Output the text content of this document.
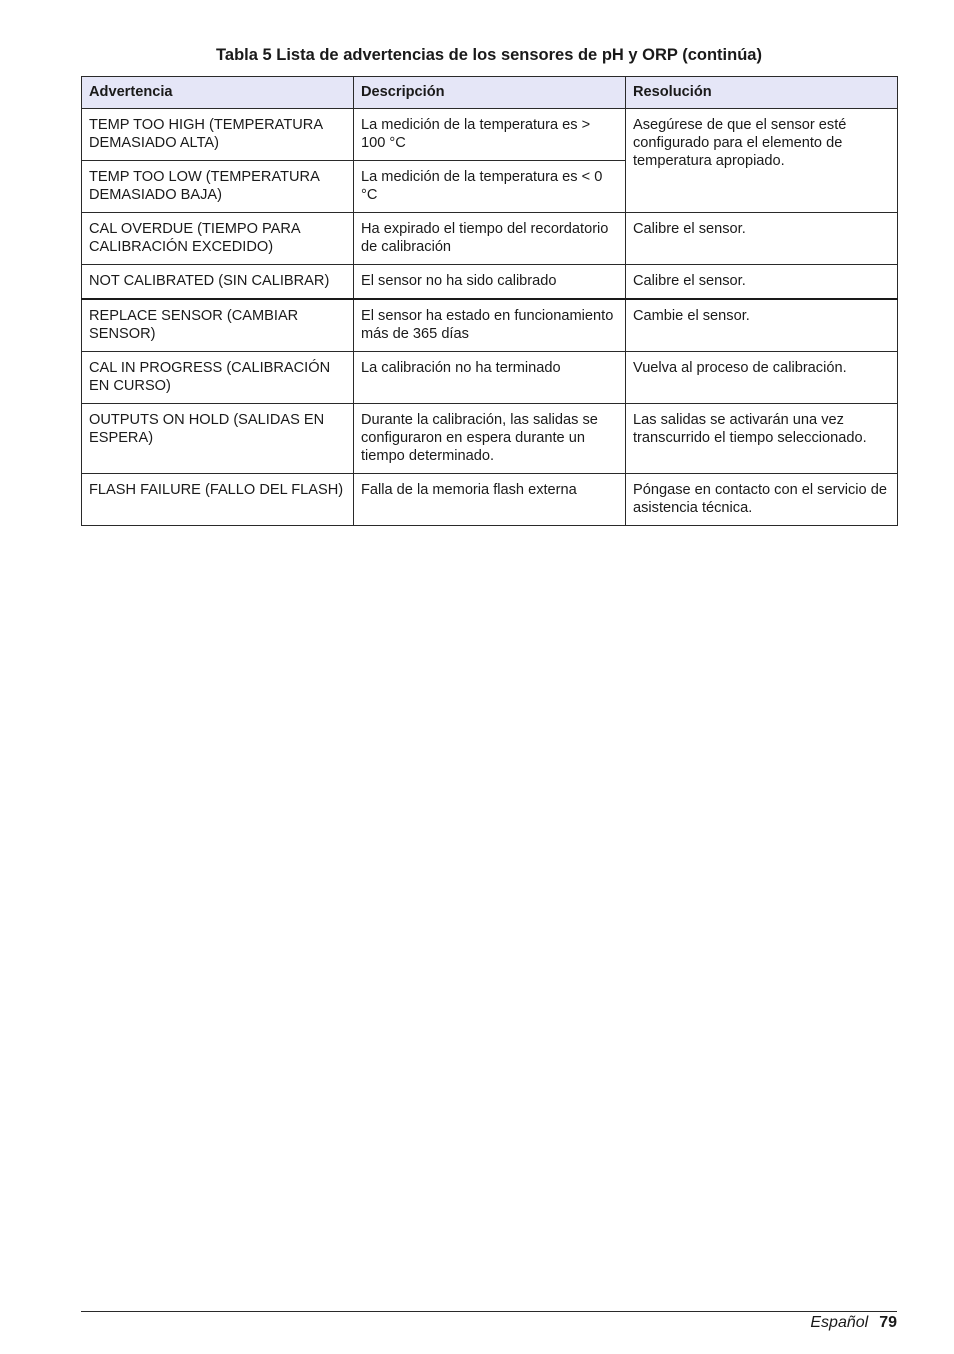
Tabla 5 Lista de advertencias de los sensores de pH y ORP (continúa)
Advertencia	Descripción	Resolución
TEMP TOO HIGH (TEMPERATURA DEMASIADO ALTA)	La medición de la temperatura es > 100 °C	Asegúrese de que el sensor esté configurado para el elemento de temperatura apropiado.
TEMP TOO LOW (TEMPERATURA DEMASIADO BAJA)	La medición de la temperatura es < 0 °C	
CAL OVERDUE (TIEMPO PARA CALIBRACIÓN EXCEDIDO)	Ha expirado el tiempo del recordatorio de calibración	Calibre el sensor.
NOT CALIBRATED (SIN CALIBRAR)	El sensor no ha sido calibrado	Calibre el sensor.
REPLACE SENSOR (CAMBIAR SENSOR)	El sensor ha estado en funcionamiento más de 365 días	Cambie el sensor.
CAL IN PROGRESS (CALIBRACIÓN EN CURSO)	La calibración no ha terminado	Vuelva al proceso de calibración.
OUTPUTS ON HOLD (SALIDAS EN ESPERA)	Durante la calibración, las salidas se configuraron en espera durante un tiempo determinado.	Las salidas se activarán una vez transcurrido el tiempo seleccionado.
FLASH FAILURE (FALLO DEL FLASH)	Falla de la memoria flash externa	Póngase en contacto con el servicio de asistencia técnica.
Español 79
